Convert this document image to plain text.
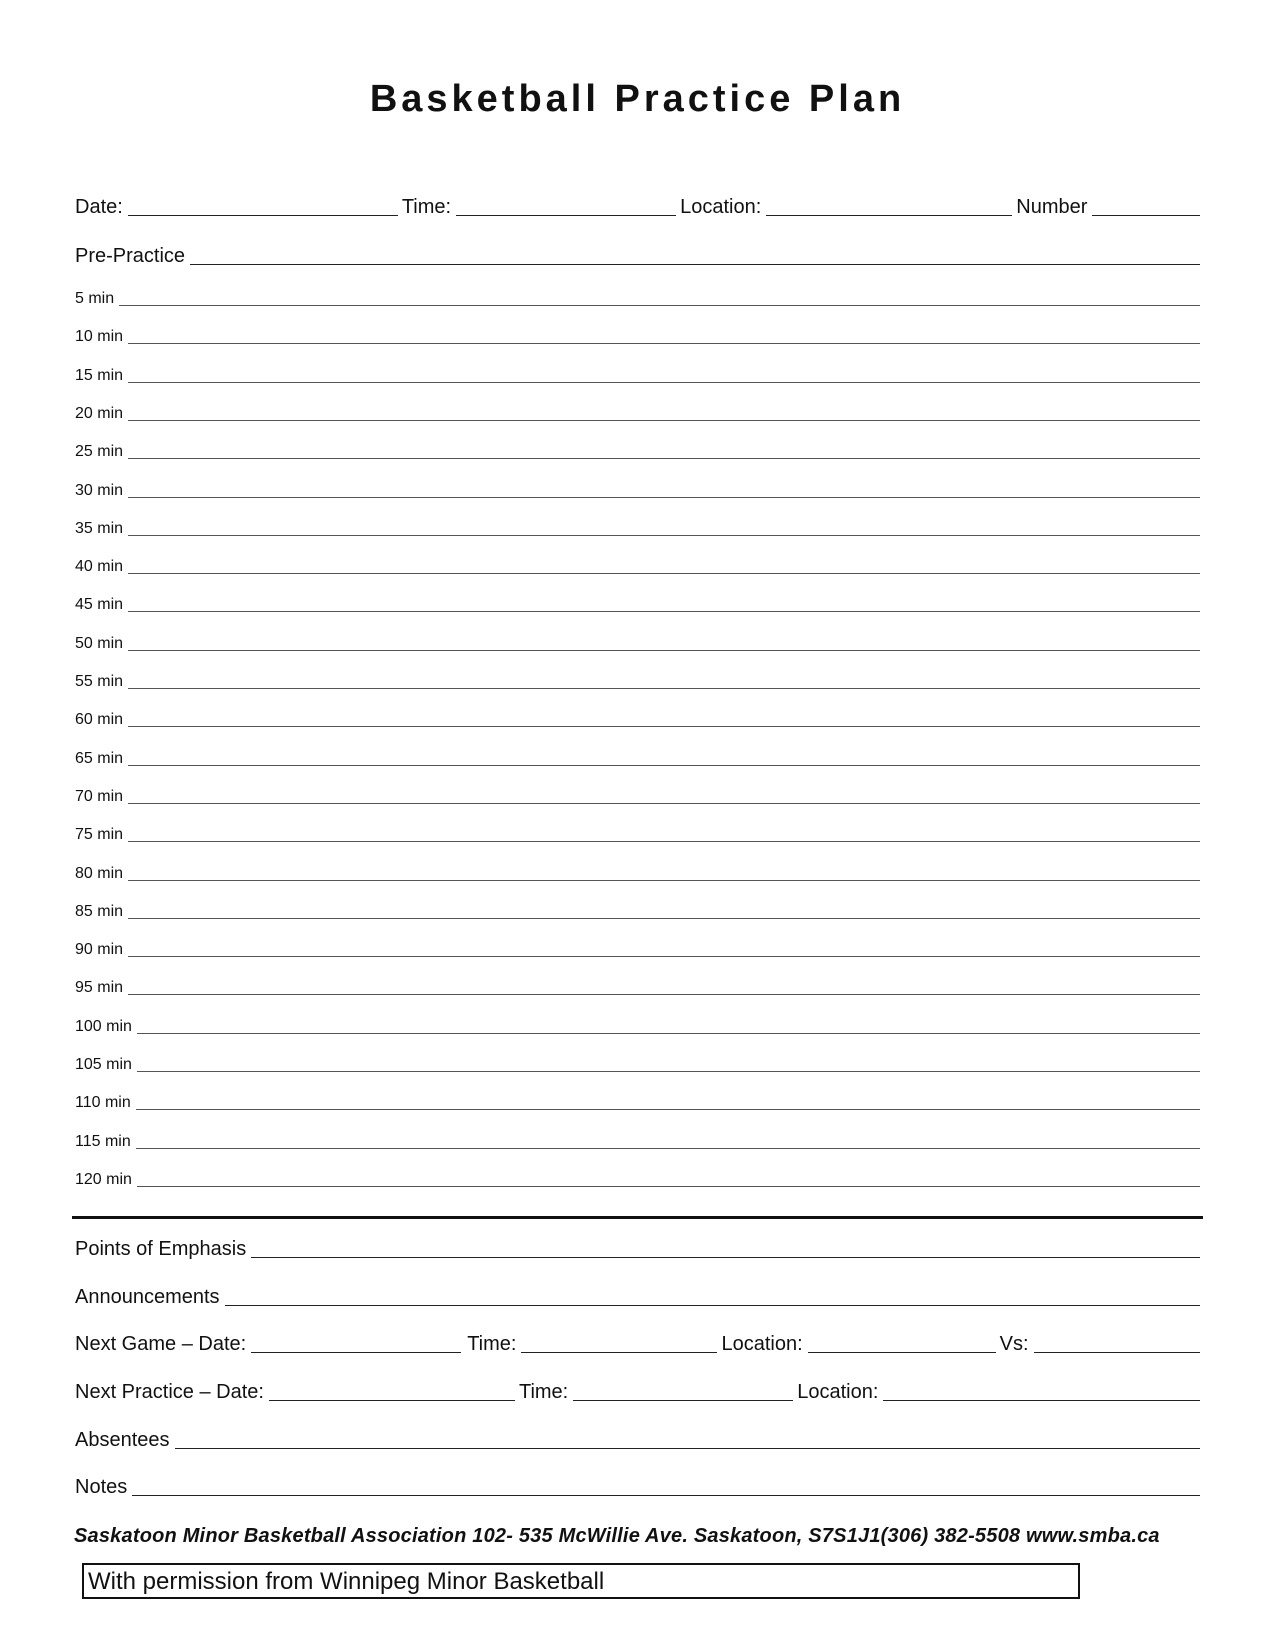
Basketball Practice Plan
Date:	Time:	Location:	Number
Pre-Practice
5 min
10 min
15 min
20 min
25 min
30 min
35 min
40 min
45 min
50 min
55 min
60 min
65 min
70 min
75 min
80 min
85 min
90 min
95 min
100 min
105 min
110 min
115 min
120 min
Points of Emphasis
Announcements
Next Game – Date:	Time:	Location:	Vs:
Next Practice – Date:	Time:	Location:
Absentees
Notes
Saskatoon Minor Basketball Association 102- 535 McWillie Ave. Saskatoon, S7S1J1(306) 382-5508 www.smba.ca
With permission from Winnipeg Minor Basketball
